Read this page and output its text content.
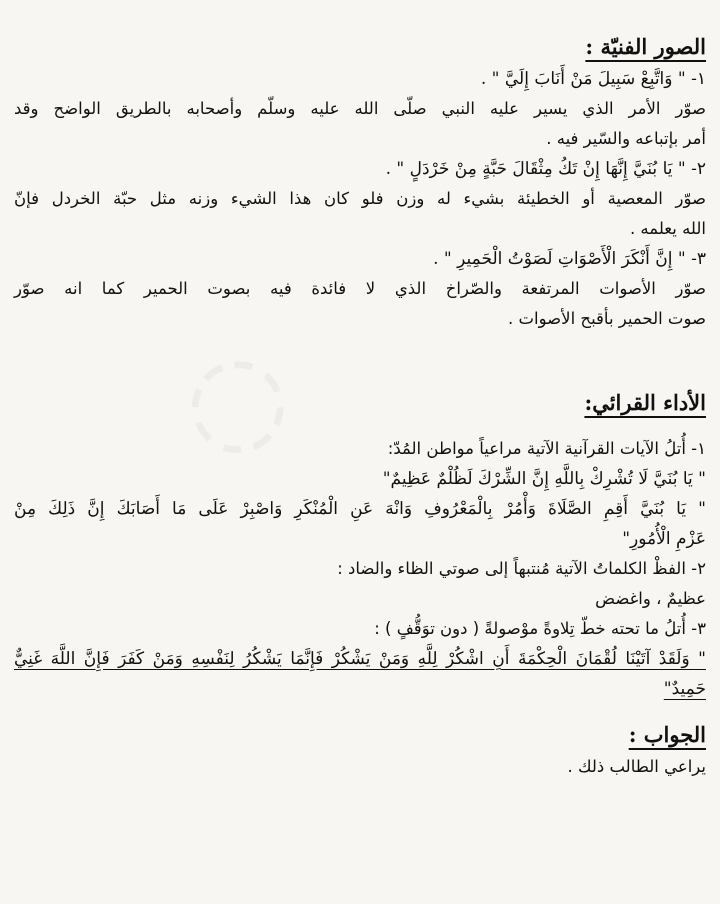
◌
الصور الفنيّة :
١- " وَاتَّبِعْ سَبِيلَ مَنْ أَنَابَ إِلَيَّ " .
صوّر الأمر الذي يسير عليه النبي صلّى الله عليه وسلّم وأصحابه بالطريق الواضح وقد
أمر بإتباعه والسّير فيه .
٢- " يَا بُنَيَّ إِنَّهَا إِنْ تَكُ مِثْقَالَ حَبَّةٍ مِنْ خَرْدَلٍ " .
صوّر المعصية أو الخطيئة بشيء له وزن فلو كان هذا الشيء وزنه مثل حبّة الخردل فإنّ
الله يعلمه .
٣- " إِنَّ أَنْكَرَ الْأَصْوَاتِ لَصَوْتُ الْحَمِيرِ " .
صوّر الأصوات المرتفعة والصّراخ الذي لا فائدة فيه بصوت الحمير كما انه صوّر
صوت الحمير بأقبح الأصوات .
الأداء القرائي:
١- أُتلُ الآيات القرآنية الآتية مراعياً مواطن المُدّ:
" يَا بُنَيَّ لَا تُشْرِكْ بِاللَّهِ إِنَّ الشِّرْكَ لَظُلْمٌ عَظِيمٌ"
" يَا بُنَيَّ أَقِمِ الصَّلَاةَ وَأْمُرْ بِالْمَعْرُوفِ وَانْهَ عَنِ الْمُنْكَرِ وَاصْبِرْ عَلَى مَا أَصَابَكَ إِنَّ ذَلِكَ مِنْ
عَزْمِ الْأُمُورِ"
٢- الفظْ الكلماتُ الآتية مُنتبهاً إلى صوتي الظاء والضاد :
عظيمٌ ، واغضض
٣- أُتلُ ما تحته خطّ تِلاوةً موْصولةً ( دون توَقُّفٍ ) :
" وَلَقَدْ آتَيْنَا لُقْمَانَ الْحِكْمَةَ أَنِ اشْكُرْ لِلَّهِ وَمَنْ يَشْكُرْ فَإِنَّمَا يَشْكُرُ لِنَفْسِهِ وَمَنْ كَفَرَ فَإِنَّ اللَّهَ غَنِيٌّ
حَمِيدٌ"
الجواب :
يراعي الطالب ذلك .
